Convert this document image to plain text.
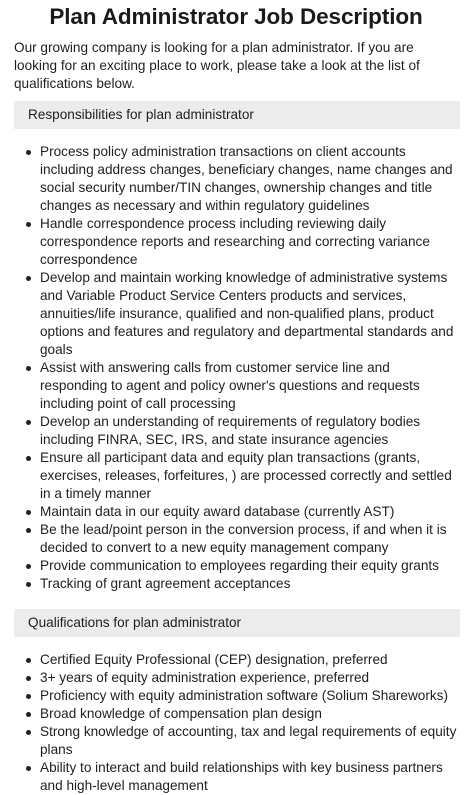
Plan Administrator Job Description

Our growing company is looking for a plan administrator. If you are looking for an exciting place to work, please take a look at the list of qualifications below.

Responsibilities for plan administrator
Process policy administration transactions on client accounts including address changes, beneficiary changes, name changes and social security number/TIN changes, ownership changes and title changes as necessary and within regulatory guidelines
Handle correspondence process including reviewing daily correspondence reports and researching and correcting variance correspondence
Develop and maintain working knowledge of administrative systems and Variable Product Service Centers products and services, annuities/life insurance, qualified and non-qualified plans, product options and features and regulatory and departmental standards and goals
Assist with answering calls from customer service line and responding to agent and policy owner's questions and requests including point of call processing
Develop an understanding of requirements of regulatory bodies including FINRA, SEC, IRS, and state insurance agencies
Ensure all participant data and equity plan transactions (grants, exercises, releases, forfeitures, ) are processed correctly and settled in a timely manner
Maintain data in our equity award database (currently AST)
Be the lead/point person in the conversion process, if and when it is decided to convert to a new equity management company
Provide communication to employees regarding their equity grants
Tracking of grant agreement acceptances
Qualifications for plan administrator
Certified Equity Professional (CEP) designation, preferred
3+ years of equity administration experience, preferred
Proficiency with equity administration software (Solium Shareworks)
Broad knowledge of compensation plan design
Strong knowledge of accounting, tax and legal requirements of equity plans
Ability to interact and build relationships with key business partners and high-level management
